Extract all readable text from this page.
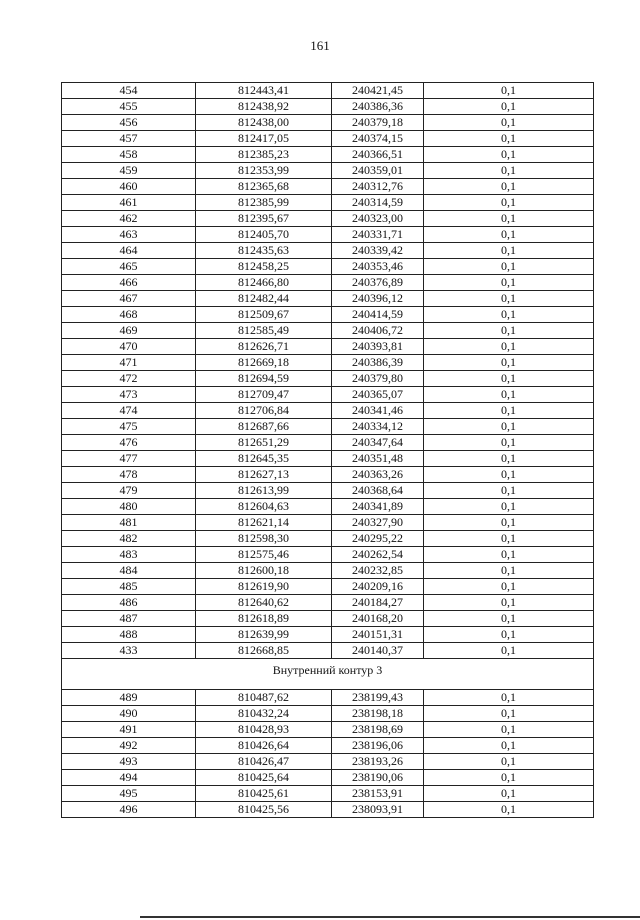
161
454	812443,41	240421,45	0,1
455	812438,92	240386,36	0,1
456	812438,00	240379,18	0,1
457	812417,05	240374,15	0,1
458	812385,23	240366,51	0,1
459	812353,99	240359,01	0,1
460	812365,68	240312,76	0,1
461	812385,99	240314,59	0,1
462	812395,67	240323,00	0,1
463	812405,70	240331,71	0,1
464	812435,63	240339,42	0,1
465	812458,25	240353,46	0,1
466	812466,80	240376,89	0,1
467	812482,44	240396,12	0,1
468	812509,67	240414,59	0,1
469	812585,49	240406,72	0,1
470	812626,71	240393,81	0,1
471	812669,18	240386,39	0,1
472	812694,59	240379,80	0,1
473	812709,47	240365,07	0,1
474	812706,84	240341,46	0,1
475	812687,66	240334,12	0,1
476	812651,29	240347,64	0,1
477	812645,35	240351,48	0,1
478	812627,13	240363,26	0,1
479	812613,99	240368,64	0,1
480	812604,63	240341,89	0,1
481	812621,14	240327,90	0,1
482	812598,30	240295,22	0,1
483	812575,46	240262,54	0,1
484	812600,18	240232,85	0,1
485	812619,90	240209,16	0,1
486	812640,62	240184,27	0,1
487	812618,89	240168,20	0,1
488	812639,99	240151,31	0,1
433	812668,85	240140,37	0,1
Внутренний контур 3			
489	810487,62	238199,43	0,1
490	810432,24	238198,18	0,1
491	810428,93	238198,69	0,1
492	810426,64	238196,06	0,1
493	810426,47	238193,26	0,1
494	810425,64	238190,06	0,1
495	810425,61	238153,91	0,1
496	810425,56	238093,91	0,1
